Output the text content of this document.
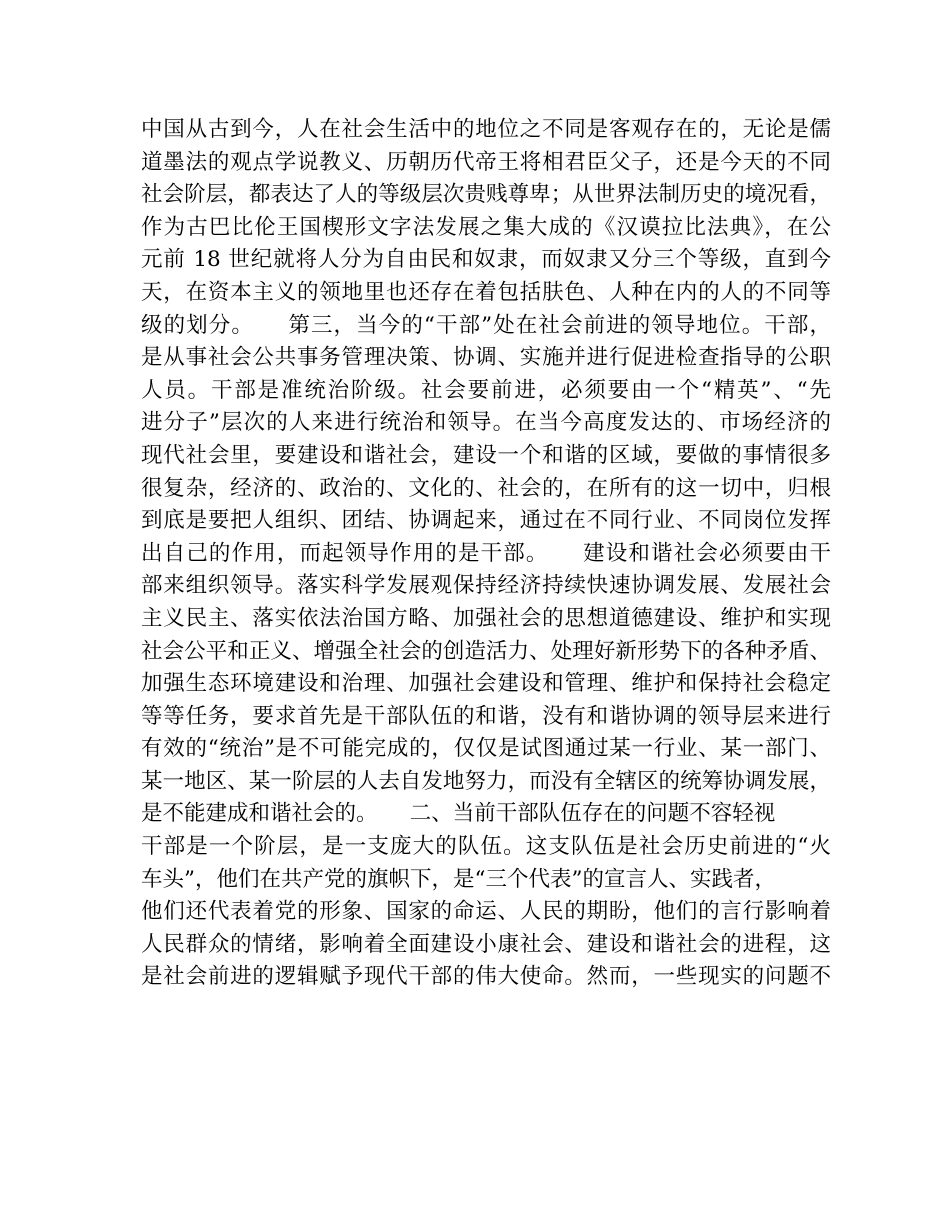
中国从古到今，人在社会生活中的地位之不同是客观存在的，无论是儒
道墨法的观点学说教义、历朝历代帝王将相君臣父子，还是今天的不同
社会阶层，都表达了人的等级层次贵贱尊卑；从世界法制历史的境况看，
作为古巴比伦王国楔形文字法发展之集大成的《汉谟拉比法典》，在公
元前 18 世纪就将人分为自由民和奴隶，而奴隶又分三个等级，直到今
天，在资本主义的领地里也还存在着包括肤色、人种在内的人的不同等
级的划分。　　第三，当今的“干部”处在社会前进的领导地位。干部，
是从事社会公共事务管理决策、协调、实施并进行促进检查指导的公职
人员。干部是准统治阶级。社会要前进，必须要由一个“精英”、“先
进分子”层次的人来进行统治和领导。在当今高度发达的、市场经济的
现代社会里，要建设和谐社会，建设一个和谐的区域，要做的事情很多
很复杂，经济的、政治的、文化的、社会的，在所有的这一切中，归根
到底是要把人组织、团结、协调起来，通过在不同行业、不同岗位发挥
出自己的作用，而起领导作用的是干部。　　建设和谐社会必须要由干
部来组织领导。落实科学发展观保持经济持续快速协调发展、发展社会
主义民主、落实依法治国方略、加强社会的思想道德建设、维护和实现
社会公平和正义、增强全社会的创造活力、处理好新形势下的各种矛盾、
加强生态环境建设和治理、加强社会建设和管理、维护和保持社会稳定
等等任务，要求首先是干部队伍的和谐，没有和谐协调的领导层来进行
有效的“统治”是不可能完成的，仅仅是试图通过某一行业、某一部门、
某一地区、某一阶层的人去自发地努力，而没有全辖区的统筹协调发展，
是不能建成和谐社会的。　　二、当前干部队伍存在的问题不容轻视
干部是一个阶层，是一支庞大的队伍。这支队伍是社会历史前进的“火
车头”，他们在共产党的旗帜下，是“三个代表”的宣言人、实践者，
他们还代表着党的形象、国家的命运、人民的期盼，他们的言行影响着
人民群众的情绪，影响着全面建设小康社会、建设和谐社会的进程，这
是社会前进的逻辑赋予现代干部的伟大使命。然而，一些现实的问题不
